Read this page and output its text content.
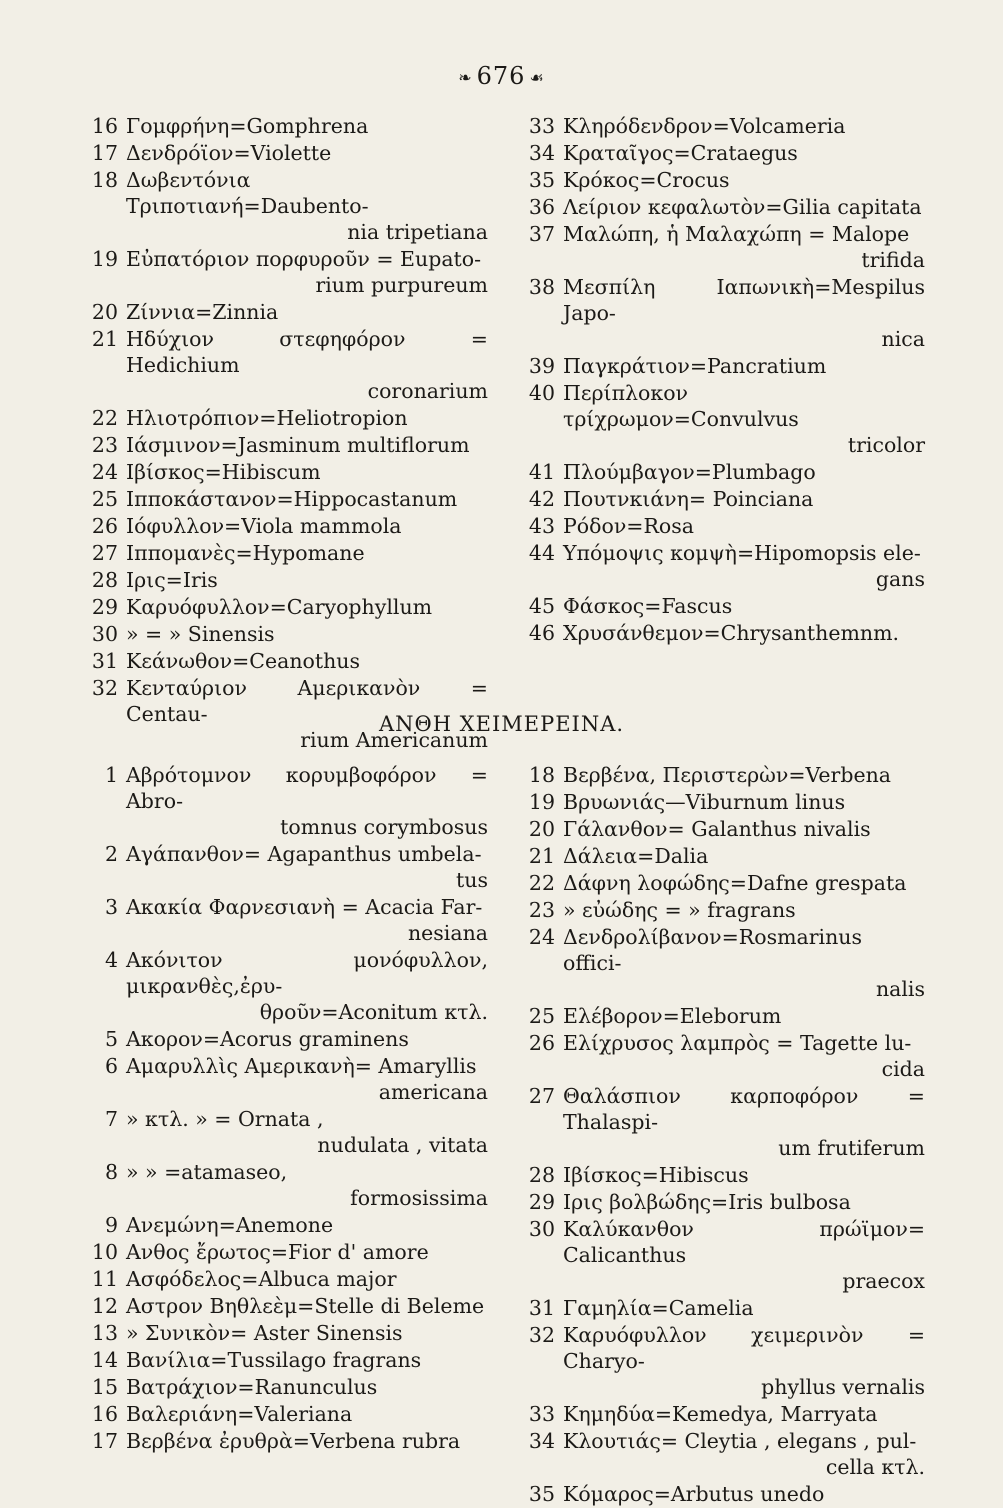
❧ 676 ☙
16 Γομφρήνη=Gomphrena
17 Δενδρόϊον=Violette
18 Δωβεντόνια Τριποτιανή=Daubento-
nia tripetiana
19 Εὐπατόριον πορφυροῦν = Eupato-
rium purpureum
20 Ζίννια=Zinnia
21 Ηδύχιον στεφηφόρον = Hedichium
coronarium
22 Ηλιοτρόπιον=Heliotropion
23 Ιάσμινον=Jasminum multiflorum
24 Ιβίσκος=Hibiscum
25 Ιπποκάστανον=Hippocastanum
26 Ιόφυλλον=Viola mammola
27 Ιππομανὲς=Hypomane
28 Ιρις=Iris
29 Καρυόφυλλον=Caryophyllum
30 » = » Sinensis
31 Κεάνωθον=Ceanothus
32 Κενταύριον Αμερικανὸν = Centau-
rium Americanum
33 Κληρόδενδρον=Volcameria
34 Κραταῖγος=Crataegus
35 Κρόκος=Crocus
36 Λείριον κεφαλωτὸν=Gilia capitata
37 Μαλώπη, ἡ Μαλαχώπη = Malope
trifida
38 Μεσπίλη Ιαπωνικὴ=Mespilus Japo-
nica
39 Παγκράτιον=Pancratium
40 Περίπλοκον τρίχρωμον=Convulvus
tricolor
41 Πλούμβαγον=Plumbago
42 Πουτνκιάνη= Poinciana
43 Ρόδον=Rosa
44 Υπόμοψις κομψὴ=Hipomopsis ele-
gans
45 Φάσκος=Fascus
46 Χρυσάνθεμον=Chrysanthemnm.
ΑΝΘΗ ΧΕΙΜΕΡΕΙΝΑ.
1 Αβρότομνον κορυμβοφόρον = Abro-
tomnus corymbosus
2 Αγάπανθον= Agapanthus umbela-
tus
3 Ακακία Φαρνεσιανὴ = Acacia Far-
nesiana
4 Ακόνιτον μονόφυλλον, μικρανθὲς,ἐρυ-
θροῦν=Aconitum κτλ.
5 Ακορον=Acorus graminens
6 Αμαρυλλὶς Αμερικανὴ= Amaryllis
americana
7 » κτλ. » = Ornata ,
nudulata , vitata
8 » » =atamaseo,
formosissima
9 Ανεμώνη=Anemone
10 Ανθος ἔρωτος=Fior d' amore
11 Ασφόδελος=Albuca major
12 Αστρον Βηθλεὲμ=Stelle di Beleme
13 » Συνικὸν= Aster Sinensis
14 Βανίλια=Tussilago fragrans
15 Βατράχιον=Ranunculus
16 Βαλεριάνη=Valeriana
17 Βερβένα ἐρυθρὰ=Verbena rubra
18 Βερβένα, Περιστερὼν=Verbena
19 Βρυωνιάς—Viburnum linus
20 Γάλανθον= Galanthus nivalis
21 Δάλεια=Dalia
22 Δάφνη λοφώδης=Dafne grespata
23 » εὐώδης = » fragrans
24 Δενδρολίβανον=Rosmarinus offici-
nalis
25 Ελέβορον=Eleborum
26 Ελίχρυσος λαμπρὸς = Tagette lu-
cida
27 Θαλάσπιον καρποφόρον = Thalaspi-
um frutiferum
28 Ιβίσκος=Hibiscus
29 Ιρις βολβώδης=Iris bulbosa
30 Καλύκανθον πρώϊμον= Calicanthus
praecox
31 Γαμηλία=Camelia
32 Καρυόφυλλον χειμερινὸν = Charyo-
phyllus vernalis
33 Κημηδύα=Kemedya, Marryata
34 Κλουτιάς= Cleytia , elegans , pul-
cella κτλ.
35 Κόμαρος=Arbutus unedo
